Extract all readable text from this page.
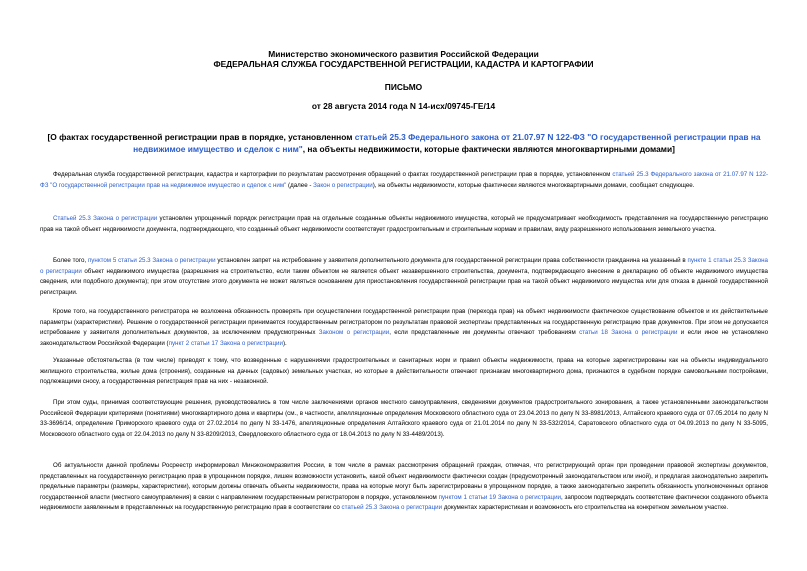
Министерство экономического развития Российской Федерации
ФЕДЕРАЛЬНАЯ СЛУЖБА ГОСУДАРСТВЕННОЙ РЕГИСТРАЦИИ, КАДАСТРА И КАРТОГРАФИИ
ПИСЬМО
от 28 августа 2014 года N 14-исх/09745-ГЕ/14
[О фактах государственной регистрации прав в порядке, установленном статьей 25.3 Федерального закона от 21.07.97 N 122-ФЗ "О государственной регистрации прав на недвижимое имущество и сделок с ним", на объекты недвижимости, которые фактически являются многоквартирными домами]
Федеральная служба государственной регистрации, кадастра и картографии по результатам рассмотрения обращений о фактах государственной регистрации прав в порядке, установленном статьей 25.3 Федерального закона от 21.07.97 N 122-ФЗ "О государственной регистрации прав на недвижимое имущество и сделок с ним" (далее - Закон о регистрации), на объекты недвижимости, которые фактически являются многоквартирными домами, сообщает следующее.
Статьей 25.3 Закона о регистрации установлен упрощенный порядок регистрации прав на отдельные созданные объекты недвижимого имущества, который не предусматривает необходимость представления на государственную регистрацию прав на такой объект недвижимости документа, подтверждающего, что созданный объект недвижимости соответствует градостроительным и строительным нормам и правилам, виду разрешенного использования земельного участка.
Более того, пунктом 5 статьи 25.3 Закона о регистрации установлен запрет на истребование у заявителя дополнительного документа для государственной регистрации права собственности гражданина на указанный в пункте 1 статьи 25.3 Закона о регистрации объект недвижимого имущества (разрешения на строительство, если таким объектом не является объект незавершенного строительства, документа, подтверждающего внесение в декларацию об объекте недвижимого имущества сведения, или подобного документа); при этом отсутствие этого документа не может являться основанием для приостановления государственной регистрации прав на такой объект недвижимого имущества или для отказа в данной государственной регистрации.
Кроме того, на государственного регистратора не возложена обязанность проверять при осуществлении государственной регистрации прав (перехода прав) на объект недвижимости фактическое существование объектов и их действительные параметры (характеристики). Решение о государственной регистрации принимается государственным регистратором по результатам правовой экспертизы представленных на государственную регистрацию прав документов. При этом не допускается истребование у заявителя дополнительных документов, за исключением предусмотренных Законом о регистрации, если представленные им документы отвечают требованиям статьи 18 Закона о регистрации и если иное не установлено законодательством Российской Федерации (пункт 2 статьи 17 Закона о регистрации).
Указанные обстоятельства (в том числе) приводят к тому, что возведенные с нарушениями градостроительных и санитарных норм и правил объекты недвижимости, права на которые зарегистрированы как на объекты индивидуального жилищного строительства, жилые дома (строения), созданные на дачных (садовых) земельных участках, но которые в действительности отвечают признакам многоквартирного дома, признаются в судебном порядке самовольными постройками, подлежащими сносу, а государственная регистрация прав на них - незаконной.
При этом суды, принимая соответствующие решения, руководствовались в том числе заключениями органов местного самоуправления, сведениями документов градостроительного зонирования, а также установленными законодательством Российской Федерации критериями (понятиями) многоквартирного дома и квартиры (см., в частности, апелляционные определения Московского областного суда от 23.04.2013 по делу N 33-8981/2013, Алтайского краевого суда от 07.05.2014 по делу N 33-3696/14, определение Приморского краевого суда от 27.02.2014 по делу N 33-1476, апелляционные определения Алтайского краевого суда от 21.01.2014 по делу N 33-532/2014, Саратовского областного суда от 04.09.2013 по делу N 33-5095, Московского областного суда от 22.04.2013 по делу N 33-8209/2013, Свердловского областного суда от 18.04.2013 по делу N 33-4489/2013).
Об актуальности данной проблемы Росреестр информировал Минэкономразвития России, в том числе в рамках рассмотрения обращений граждан, отмечая, что регистрирующий орган при проведении правовой экспертизы документов, представленных на государственную регистрацию прав в упрощенном порядке, лишен возможности установить, какой объект недвижимости фактически создан (предусмотренный законодательством или иной), и предлагая законодательно закрепить предельные параметры (размеры, характеристики), которым должны отвечать объекты недвижимости, права на которые могут быть зарегистрированы в упрощенном порядке, а также законодательно закрепить обязанность уполномоченных органов государственной власти (местного самоуправления) в связи с направлением государственным регистратором в порядке, установленном пунктом 1 статьи 19 Закона о регистрации, запросом подтверждать соответствие фактически созданного объекта недвижимости заявленным в представленных на государственную регистрацию прав в соответствии со статьей 25.3 Закона о регистрации документах характеристикам и возможность его строительства на конкретном земельном участке.
